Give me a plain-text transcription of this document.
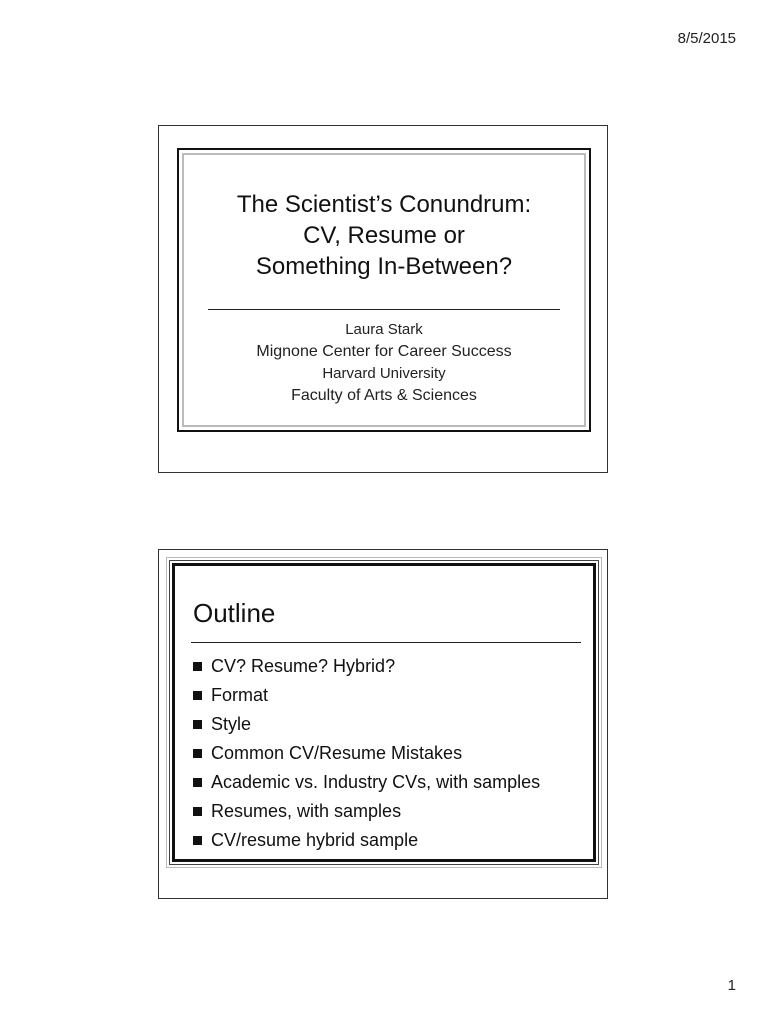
8/5/2015
The Scientist’s Conundrum:
CV, Resume or
Something In-Between?
Laura Stark
Mignone Center for Career Success
Harvard University
Faculty of Arts & Sciences
Outline
CV? Resume? Hybrid?
Format
Style
Common CV/Resume Mistakes
Academic vs. Industry CVs, with samples
Resumes, with samples
CV/resume hybrid sample
1
